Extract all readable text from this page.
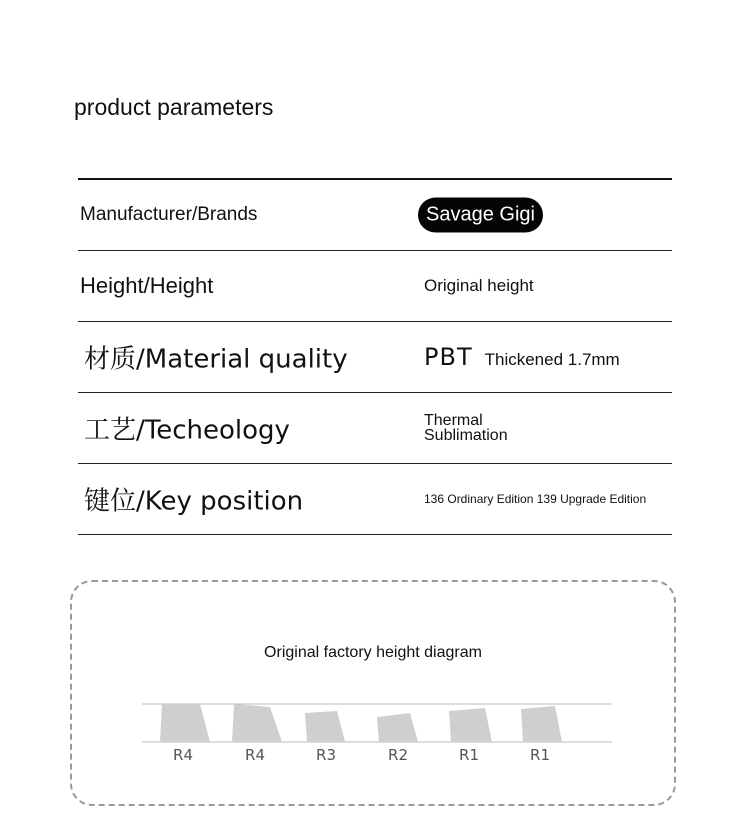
product parameters
Manufacturer/Brands	Savage Gigi
Height/Height	Original height
材质/Material quality	PBT Thickened 1.7mm
工艺/Techeology	Thermal
Sublimation
键位/Key position	136 Ordinary Edition 139 Upgrade Edition
Original factory height diagram
R4	R4	R3	R2	R1	R1
